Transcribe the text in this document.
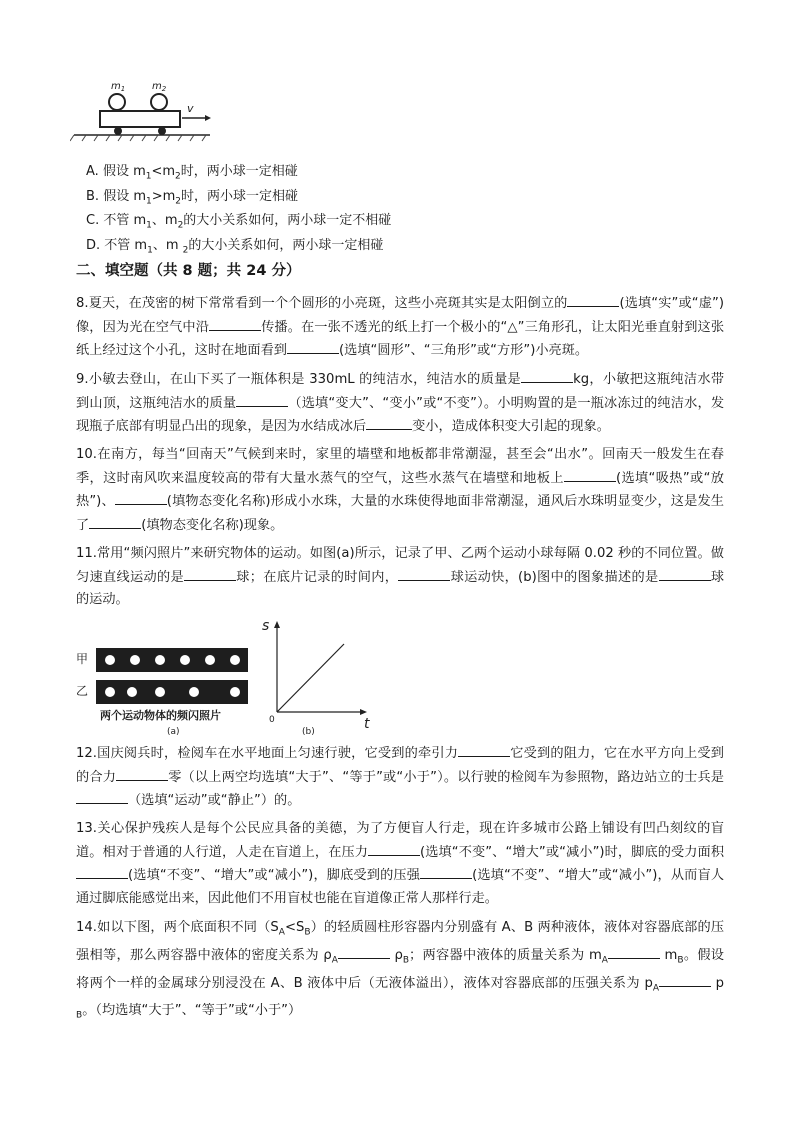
$m_1$	$m_2$
v
A. 假设 $m_1<m_2$时，两小球一定相碰
B. 假设 $m_1>m_2$时，两小球一定相碰
C. 不管 $m_1$、$m_2$的大小关系如何，两小球一定不相碰
D. 不管 $m_1$、m $_2$的大小关系如何，两小球一定相碰
二、填空题（共 8 题；共 24 分）
8.夏天，在茂密的树下常常看到一个个圆形的小亮斑，这些小亮斑其实是太阳倒立的	(选填“实”或“虚”)像，因为光在空气中沿	传播。在一张不透光的纸上打一个极小的“△”三角形孔，让太阳光垂直射到这张纸上经过这个小孔，这时在地面看到	(选填“圆形”、“三角形”或“方形”)小亮斑。
9.小敏去登山，在山下买了一瓶体积是 330mL 的纯洁水，纯洁水的质量是	kg，小敏把这瓶纯洁水带到山顶，这瓶纯洁水的质量	（选填“变大”、“变小”或“不变”）。小明购置的是一瓶冰冻过的纯洁水，发现瓶子底部有明显凸出的现象，是因为水结成冰后	变小，造成体积变大引起的现象。
10.在南方，每当“回南天”气候到来时，家里的墙壁和地板都非常潮湿，甚至会“出水”。回南天一般发生在春季，这时南风吹来温度较高的带有大量水蒸气的空气，这些水蒸气在墙壁和地板上	(选填“吸热”或“放热”)、	(填物态变化名称)形成小水珠，大量的水珠使得地面非常潮湿，通风后水珠明显变少，这是发生了	(填物态变化名称)现象。
11.常用“频闪照片”来研究物体的运动。如图(a)所示，记录了甲、乙两个运动小球每隔 0.02 秒的不同位置。做匀速直线运动的是	球；在底片记录的时间内，	球运动快，(b)图中的图象描述的是	球的运动。
甲
乙
两个运动物体的频闪照片
(a)
s
t
0
(b)
12.国庆阅兵时，检阅车在水平地面上匀速行驶，它受到的牵引力	它受到的阻力，它在水平方向上受到的合力	零（以上两空均选填“大于”、“等于”或“小于”）。以行驶的检阅车为参照物，路边站立的士兵是（选填“运动”或“静止”）的。
13.关心保护残疾人是每个公民应具备的美德，为了方便盲人行走，现在许多城市公路上铺设有凹凸刻纹的盲道。相对于普通的人行道，人走在盲道上，在压力	(选填“不变”、“增大”或“减小”)时，脚底的受力面积(选填“不变”、“增大”或“减小”)，脚底受到的压强	(选填“不变”、“增大”或“减小”)，从而盲人通过脚底能感觉出来，因此他们不用盲杖也能在盲道像正常人那样行走。
14.如以下图，两个底面积不同$(S_A<S_B)$的轻质圆柱形容器内分别盛有 A、B 两种液体，液体对容器底部的压强相等，那么两容器中液体的密度关系为 $\rho_A$	$\rho_B$；两容器中液体的质量关系为 $m_A$	$m_B$。假设将两个一样的金属球分别浸没在 A、B 液体中后（无液体溢出），液体对容器底部的压强关系为 $p_A$	$p_B$。（均选填“大于”、“等于”或“小于”）
